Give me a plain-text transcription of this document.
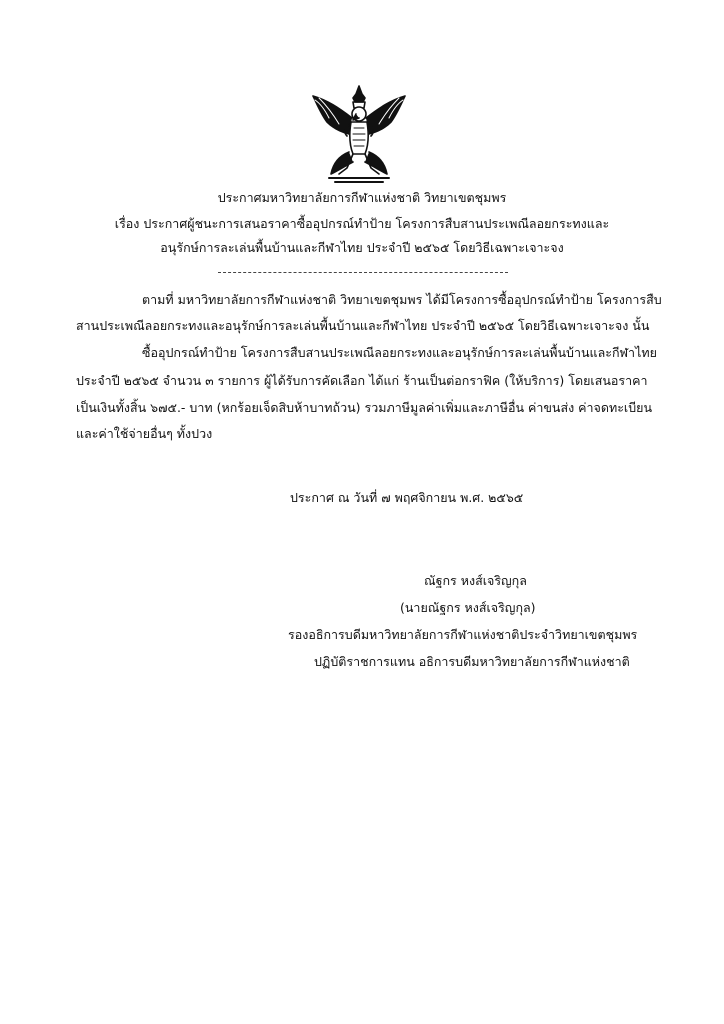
ประกาศมหาวิทยาลัยการกีฬาแห่งชาติ วิทยาเขตชุมพร
เรื่อง ประกาศผู้ชนะการเสนอราคาซื้ออุปกรณ์ทำป้าย โครงการสืบสานประเพณีลอยกระทงและ
อนุรักษ์การละเล่นพื้นบ้านและกีฬาไทย ประจำปี ๒๕๖๕ โดยวิธีเฉพาะเจาะจง
ตามที่ มหาวิทยาลัยการกีฬาแห่งชาติ วิทยาเขตชุมพร ได้มีโครงการซื้ออุปกรณ์ทำป้าย โครงการสืบ
สานประเพณีลอยกระทงและอนุรักษ์การละเล่นพื้นบ้านและกีฬาไทย ประจำปี ๒๕๖๕ โดยวิธีเฉพาะเจาะจง นั้น
ซื้ออุปกรณ์ทำป้าย โครงการสืบสานประเพณีลอยกระทงและอนุรักษ์การละเล่นพื้นบ้านและกีฬาไทย
ประจำปี ๒๕๖๕ จำนวน ๓ รายการ ผู้ได้รับการคัดเลือก ได้แก่ ร้านเป็นต่อกราฟิค (ให้บริการ) โดยเสนอราคา
เป็นเงินทั้งสิ้น ๖๗๕.- บาท (หกร้อยเจ็ดสิบห้าบาทถ้วน) รวมภาษีมูลค่าเพิ่มและภาษีอื่น ค่าขนส่ง ค่าจดทะเบียน
และค่าใช้จ่ายอื่นๆ ทั้งปวง
ประกาศ ณ วันที่ ๗ พฤศจิกายน พ.ศ. ๒๕๖๕
ณัฐกร หงส์เจริญกุล
(นายณัฐกร หงส์เจริญกุล)
รองอธิการบดีมหาวิทยาลัยการกีฬาแห่งชาติประจำวิทยาเขตชุมพร
ปฏิบัติราชการแทน อธิการบดีมหาวิทยาลัยการกีฬาแห่งชาติ
